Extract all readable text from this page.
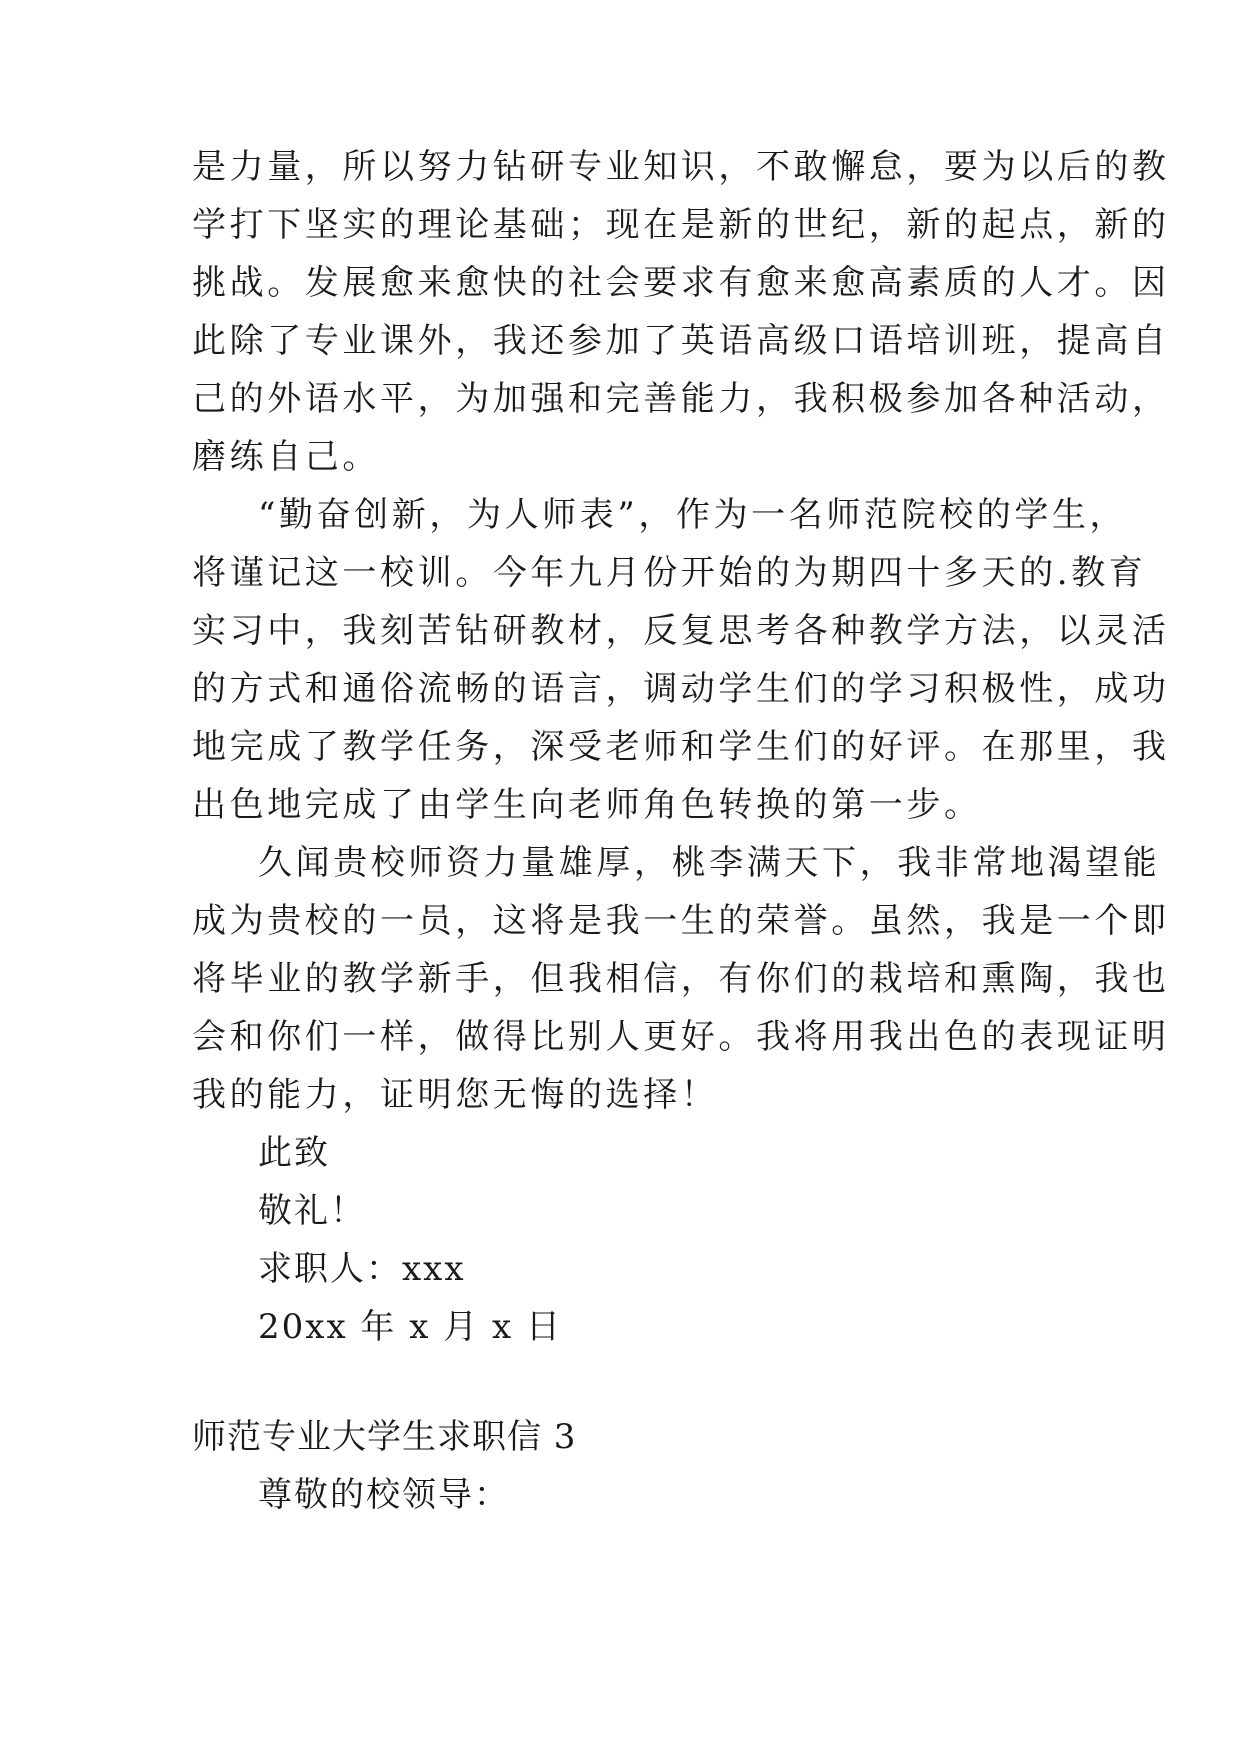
是力量，所以努力钻研专业知识，不敢懈怠，要为以后的教
学打下坚实的理论基础；现在是新的世纪，新的起点，新的
挑战。发展愈来愈快的社会要求有愈来愈高素质的人才。因
此除了专业课外，我还参加了英语高级口语培训班，提高自
己的外语水平，为加强和完善能力，我积极参加各种活动，
磨练自己。
“勤奋创新，为人师表”，作为一名师范院校的学生，
将谨记这一校训。今年九月份开始的为期四十多天的.教育
实习中，我刻苦钻研教材，反复思考各种教学方法，以灵活
的方式和通俗流畅的语言，调动学生们的学习积极性，成功
地完成了教学任务，深受老师和学生们的好评。在那里，我
出色地完成了由学生向老师角色转换的第一步。
久闻贵校师资力量雄厚，桃李满天下，我非常地渴望能
成为贵校的一员，这将是我一生的荣誉。虽然，我是一个即
将毕业的教学新手，但我相信，有你们的栽培和熏陶，我也
会和你们一样，做得比别人更好。我将用我出色的表现证明
我的能力，证明您无悔的选择！
此致
敬礼！
求职人：xxx
20xx 年 x 月 x 日
师范专业大学生求职信 3
尊敬的校领导：
